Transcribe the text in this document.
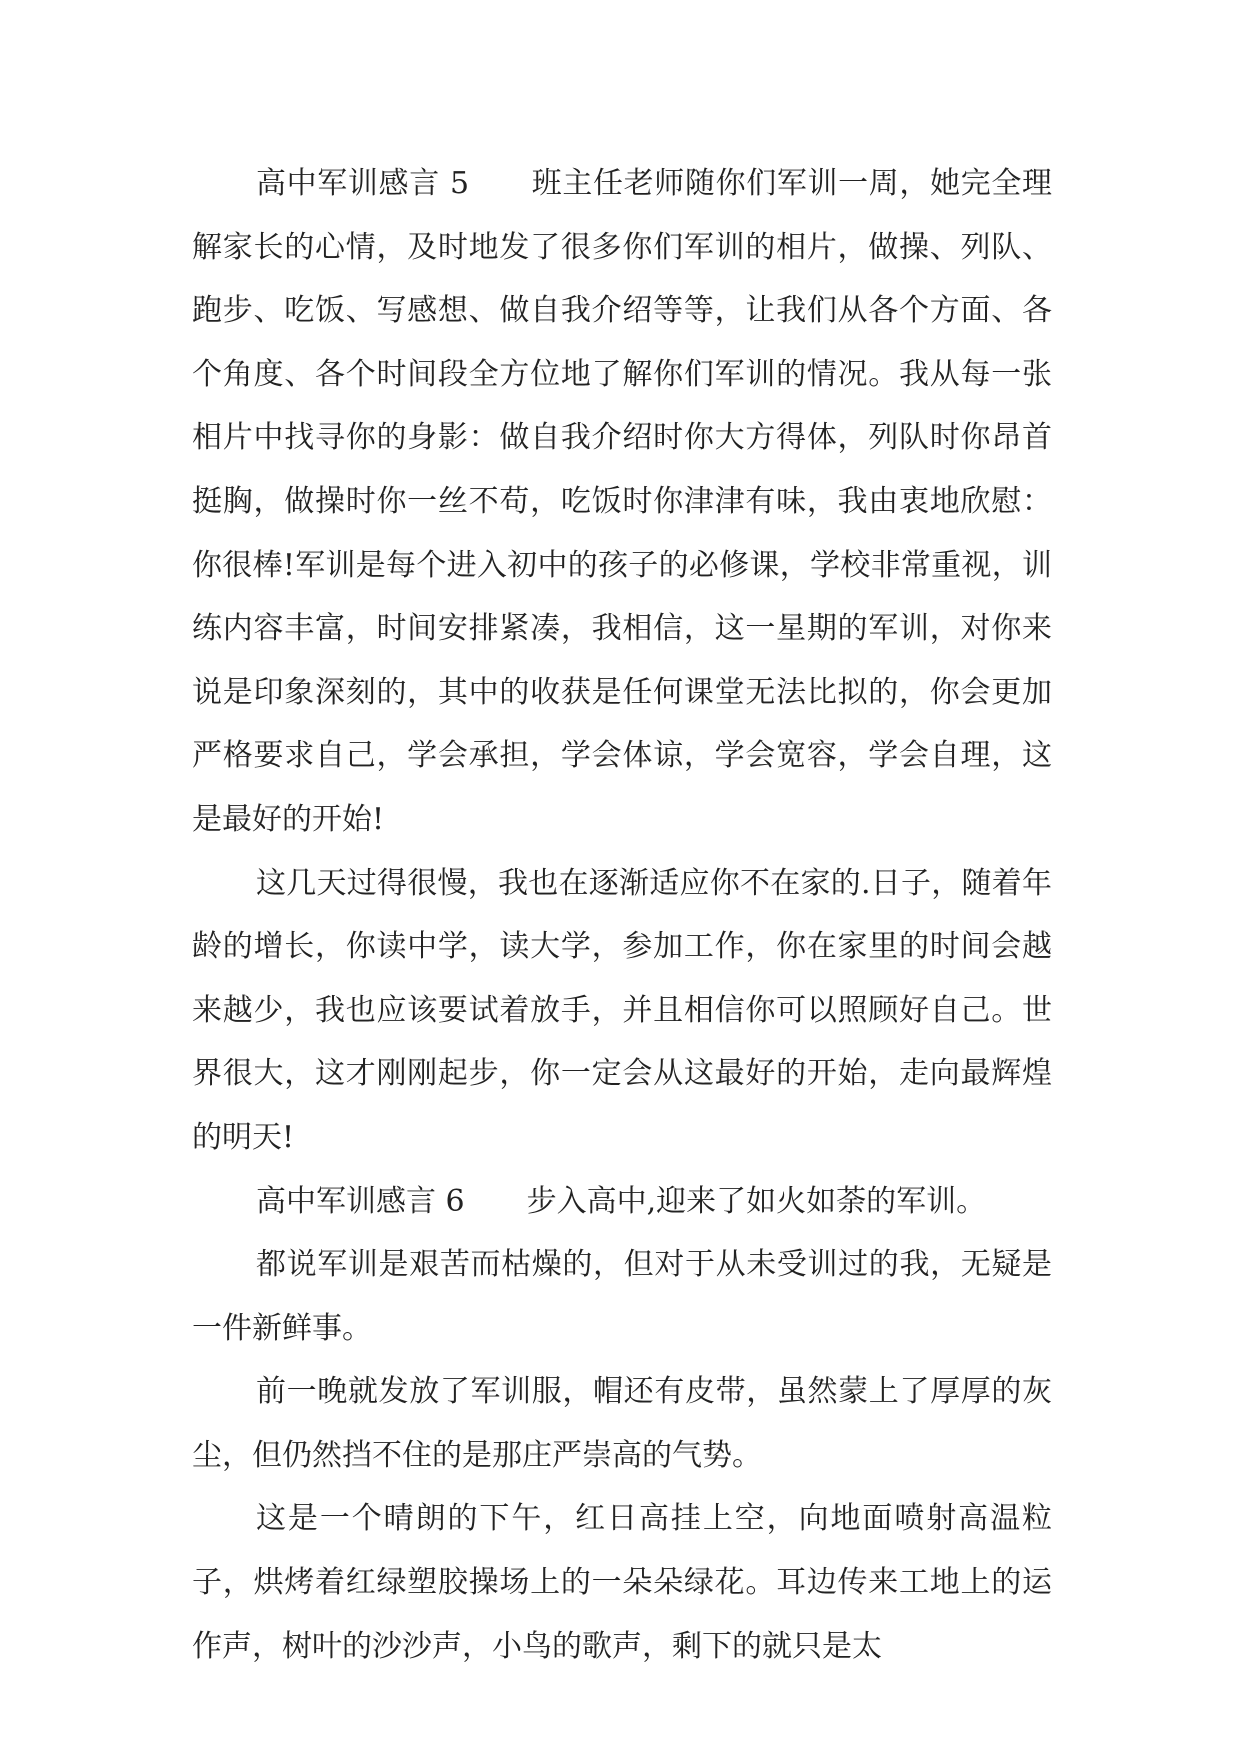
高中军训感言 5 班主任老师随你们军训一周，她完全理解家长的心情，及时地发了很多你们军训的相片，做操、列队、跑步、吃饭、写感想、做自我介绍等等，让我们从各个方面、各个角度、各个时间段全方位地了解你们军训的情况。我从每一张相片中找寻你的身影：做自我介绍时你大方得体，列队时你昂首挺胸，做操时你一丝不苟，吃饭时你津津有味，我由衷地欣慰：你很棒!军训是每个进入初中的孩子的必修课，学校非常重视，训练内容丰富，时间安排紧凑，我相信，这一星期的军训，对你来说是印象深刻的，其中的收获是任何课堂无法比拟的，你会更加严格要求自己，学会承担，学会体谅，学会宽容，学会自理，这是最好的开始!

这几天过得很慢，我也在逐渐适应你不在家的.日子，随着年龄的增长，你读中学，读大学，参加工作，你在家里的时间会越来越少，我也应该要试着放手，并且相信你可以照顾好自己。世界很大，这才刚刚起步，你一定会从这最好的开始，走向最辉煌的明天!

高中军训感言 6 步入高中,迎来了如火如荼的军训。

都说军训是艰苦而枯燥的，但对于从未受训过的我，无疑是一件新鲜事。

前一晚就发放了军训服，帽还有皮带，虽然蒙上了厚厚的灰尘，但仍然挡不住的是那庄严崇高的气势。

这是一个晴朗的下午，红日高挂上空，向地面喷射高温粒子，烘烤着红绿塑胶操场上的一朵朵绿花。耳边传来工地上的运作声，树叶的沙沙声，小鸟的歌声，剩下的就只是太
